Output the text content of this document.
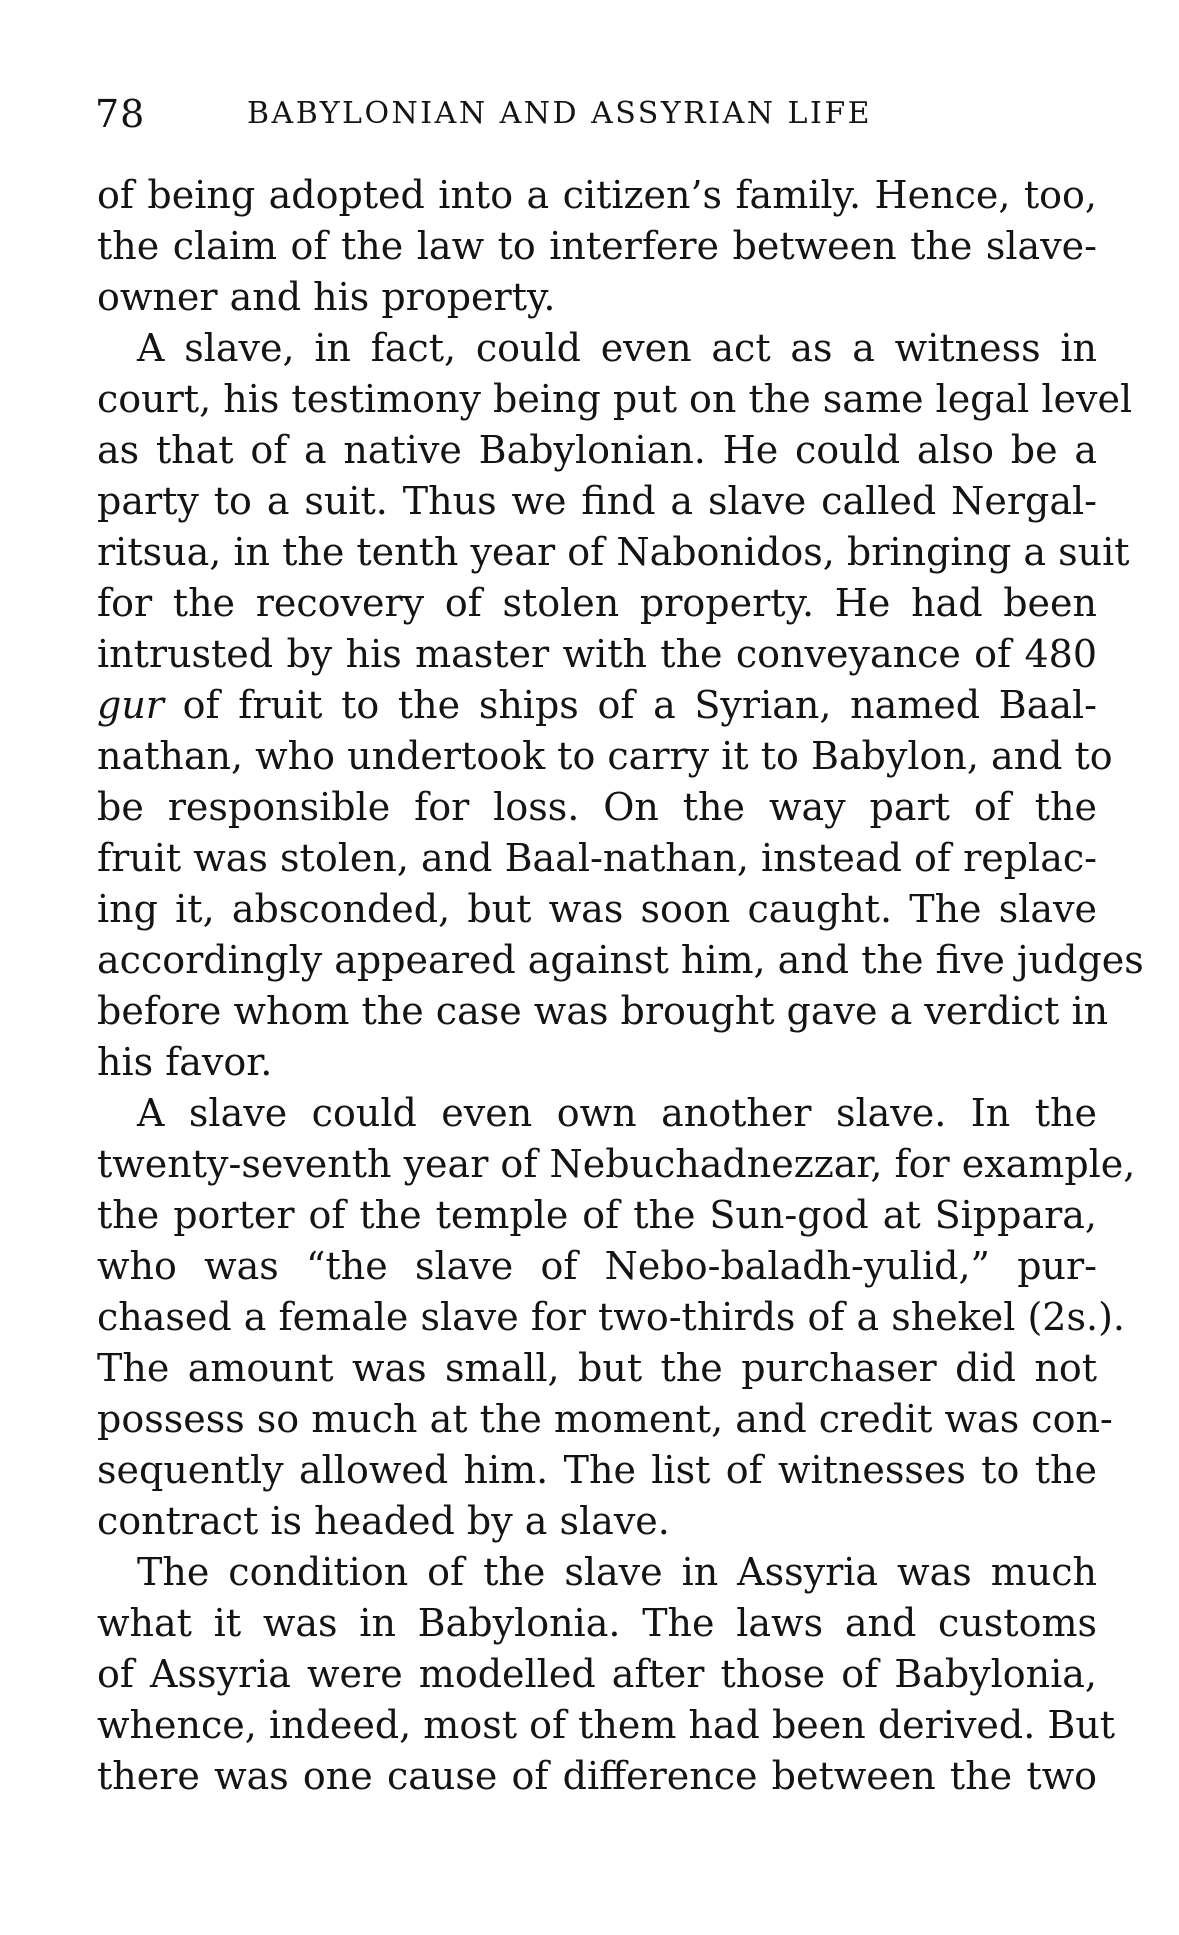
78	BABYLONIAN AND ASSYRIAN LIFE
of being adopted into a citizen’s family. Hence, too,
the claim of the law to interfere between the slave-
owner and his property.
A slave, in fact, could even act as a witness in
court, his testimony being put on the same legal level
as that of a native Babylonian. He could also be a
party to a suit. Thus we find a slave called Nergal-
ritsua, in the tenth year of Nabonidos, bringing a suit
for the recovery of stolen property. He had been
intrusted by his master with the conveyance of 480
gur of fruit to the ships of a Syrian, named Baal-
nathan, who undertook to carry it to Babylon, and to
be responsible for loss. On the way part of the
fruit was stolen, and Baal-nathan, instead of replac-
ing it, absconded, but was soon caught. The slave
accordingly appeared against him, and the five judges
before whom the case was brought gave a verdict in
his favor.
A slave could even own another slave. In the
twenty-seventh year of Nebuchadnezzar, for example,
the porter of the temple of the Sun-god at Sippara,
who was “the slave of Nebo-baladh-yulid,” pur-
chased a female slave for two-thirds of a shekel (2s.).
The amount was small, but the purchaser did not
possess so much at the moment, and credit was con-
sequently allowed him. The list of witnesses to the
contract is headed by a slave.
The condition of the slave in Assyria was much
what it was in Babylonia. The laws and customs
of Assyria were modelled after those of Babylonia,
whence, indeed, most of them had been derived. But
there was one cause of difference between the two
